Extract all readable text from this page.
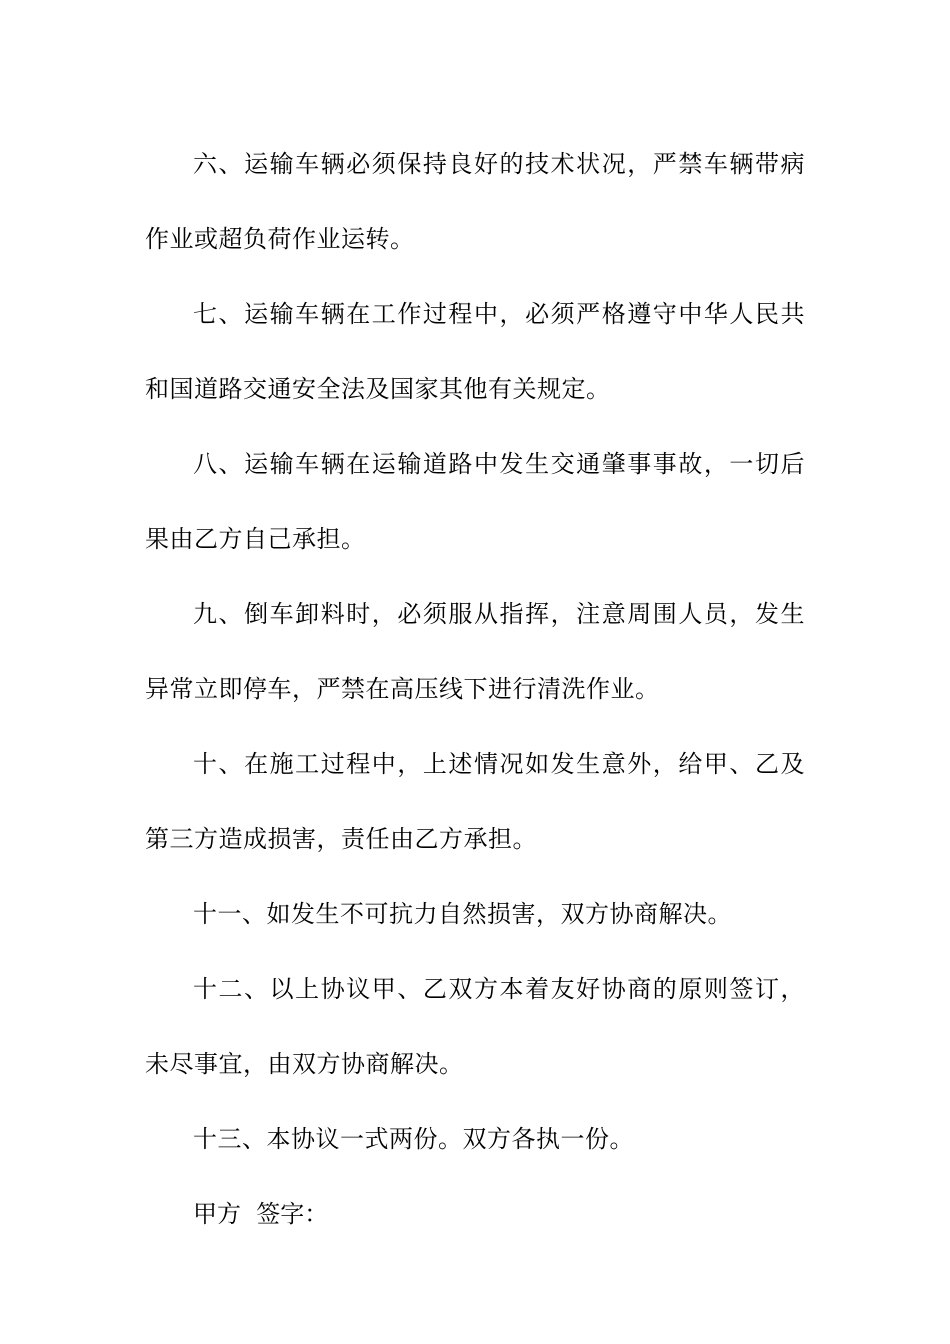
六、运输车辆必须保持良好的技术状况，严禁车辆带病作业或超负荷作业运转。

七、运输车辆在工作过程中，必须严格遵守中华人民共和国道路交通安全法及国家其他有关规定。

八、运输车辆在运输道路中发生交通肇事事故，一切后果由乙方自己承担。

九、倒车卸料时，必须服从指挥，注意周围人员，发生异常立即停车，严禁在高压线下进行清洗作业。

十、在施工过程中，上述情况如发生意外，给甲、乙及第三方造成损害，责任由乙方承担。

十一、如发生不可抗力自然损害，双方协商解决。

十二、以上协议甲、乙双方本着友好协商的原则签订，未尽事宜，由双方协商解决。

十三、本协议一式两份。双方各执一份。

甲方  签字：
